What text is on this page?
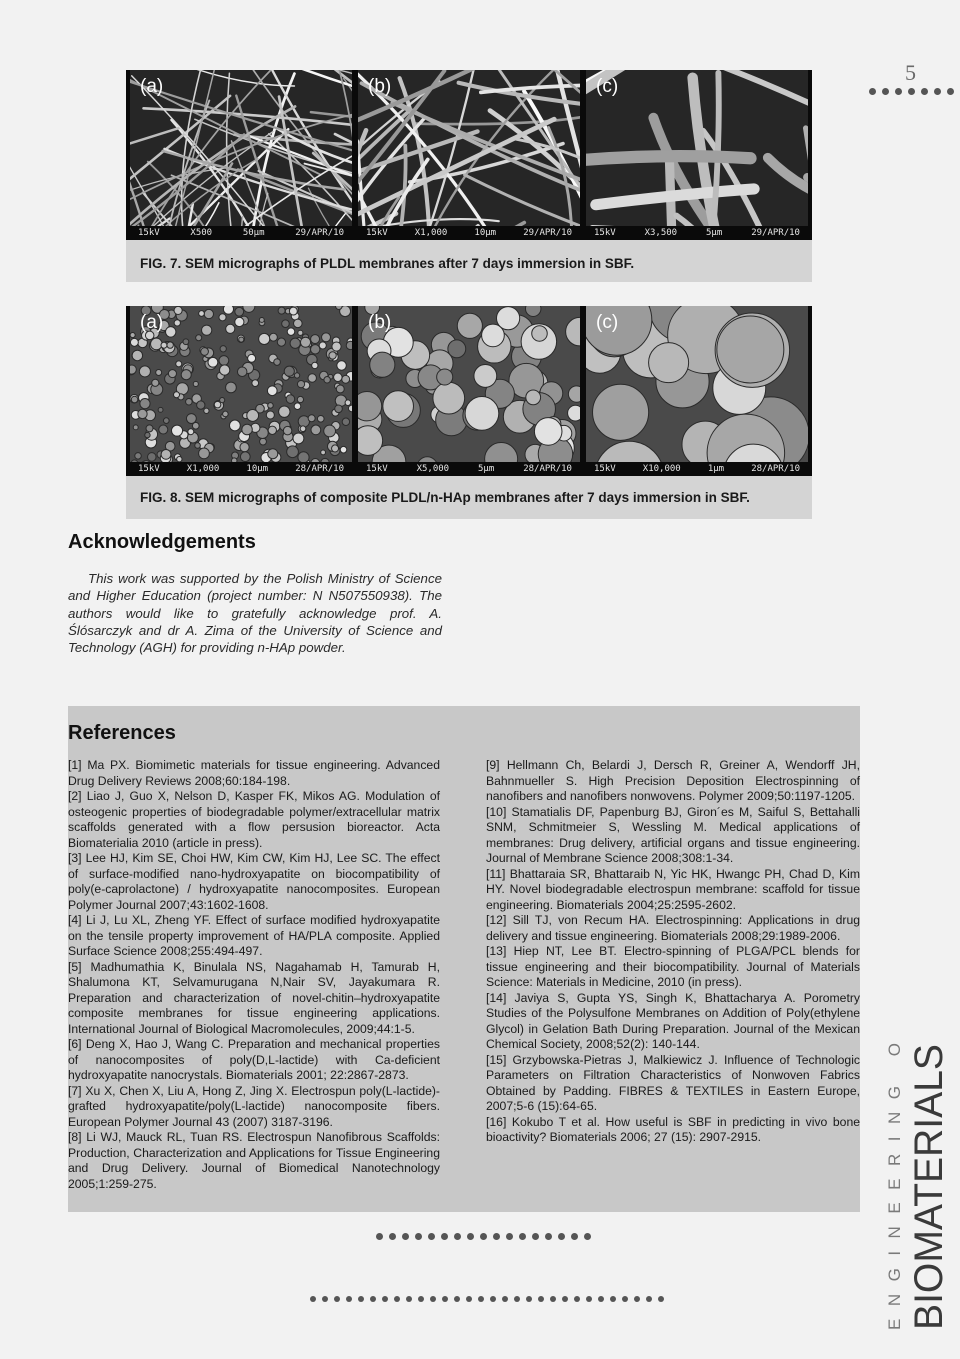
5
(a)
15kV	X500	50µm	29/APR/10
(b)
15kV	X1,000	10µm	29/APR/10
(c)
15kV	X3,500	5µm	29/APR/10
FIG. 7. SEM micrographs of PLDL membranes after 7 days immersion in SBF.
(a)
15kV	X1,000	10µm	28/APR/10
(b)
15kV	X5,000	5µm	28/APR/10
(c)
15kV	X10,000	1µm	28/APR/10
FIG. 8. SEM micrographs of composite PLDL/n-HAp membranes after 7 days immersion in SBF.
Acknowledgements

This work was supported by the Polish Ministry of Science and Higher Education (project number: N N507550938). The authors would like to gratefully acknowledge prof. A. Ślósarczyk and dr A. Zima of the University of Science and Technology (AGH) for providing n-HAp powder.

References

[1] Ma PX. Biomimetic materials for tissue engineering. Advanced Drug Delivery Reviews 2008;60:184-198.

[2] Liao J, Guo X, Nelson D, Kasper FK, Mikos AG. Modulation of osteogenic properties of biodegradable polymer/extracellular matrix scaffolds generated with a flow persusion bioreactor. Acta Biomaterialia 2010 (article in press).

[3] Lee HJ, Kim SE, Choi HW, Kim CW, Kim HJ, Lee SC. The effect of surface-modified nano-hydroxyapatite on biocompatibility of poly(e-caprolactone) / hydroxyapatite nanocomposites. European Polymer Journal 2007;43:1602-1608.

[4] Li J, Lu XL, Zheng YF. Effect of surface modified hydroxyapatite on the tensile property improvement of HA/PLA composite. Applied Surface Science 2008;255:494-497.

[5] Madhumathia K, Binulala NS, Nagahamab H, Tamurab H, Shalumona KT, Selvamurugana N,Nair SV, Jayakumara R. Preparation and characterization of novel-chitin–hydroxyapatite composite membranes for tissue engineering applications. International Journal of Biological Macromolecules, 2009;44:1-5.

[6] Deng X, Hao J, Wang C. Preparation and mechanical properties of nanocomposites of poly(D,L-lactide) with Ca-deficient hydroxyapatite nanocrystals. Biomaterials 2001; 22:2867-2873.

[7] Xu X, Chen X, Liu A, Hong Z, Jing X. Electrospun poly(L-lactide)-grafted hydroxyapatite/poly(L-lactide) nanocomposite fibers. European Polymer Journal 43 (2007) 3187-3196.

[8] Li WJ, Mauck RL, Tuan RS. Electrospun Nanofibrous Scaffolds: Production, Characterization and Applications for Tissue Engineering and Drug Delivery. Journal of Biomedical Nanotechnology 2005;1:259-275.

[9] Hellmann Ch, Belardi J, Dersch R, Greiner A, Wendorff JH, Bahnmueller S. High Precision Deposition Electrospinning of nanofibers and nanofibers nonwovens. Polymer 2009;50:1197-1205.

[10] Stamatialis DF, Papenburg BJ, Giron´es M, Saiful S, Bettahalli SNM, Schmitmeier S, Wessling M. Medical applications of membranes: Drug delivery, artificial organs and tissue engineering. Journal of Membrane Science 2008;308:1-34.

[11] Bhattaraia SR, Bhattaraib N, Yic HK, Hwangc PH, Chad D, Kim HY. Novel biodegradable electrospun membrane: scaffold for tissue engineering. Biomaterials 2004;25:2595-2602.

[12] Sill TJ, von Recum HA. Electrospinning: Applications in drug delivery and tissue engineering. Biomaterials 2008;29:1989-2006.

[13] Hiep NT, Lee BT. Electro-spinning of PLGA/PCL blends for tissue engineering and their biocompatibility. Journal of Materials Science: Materials in Medicine, 2010 (in press).

[14] Javiya S, Gupta YS, Singh K, Bhattacharya A. Porometry Studies of the Polysulfone Membranes on Addition of Poly(ethylene Glycol) in Gelation Bath During Preparation. Journal of the Mexican Chemical Society, 2008;52(2): 140-144.

[15] Grzybowska-Pietras J, Malkiewicz J. Influence of Technologic Parameters on Filtration Characteristics of Nonwoven Fabrics Obtained by Padding. FIBRES & TEXTILES in Eastern Europe, 2007;5-6 (15):64-65.

[16] Kokubo T et al. How useful is SBF in predicting in vivo bone bioactivity? Biomaterials 2006; 27 (15): 2907-2915.	ENGINEERING OF BIOMATERIALS
